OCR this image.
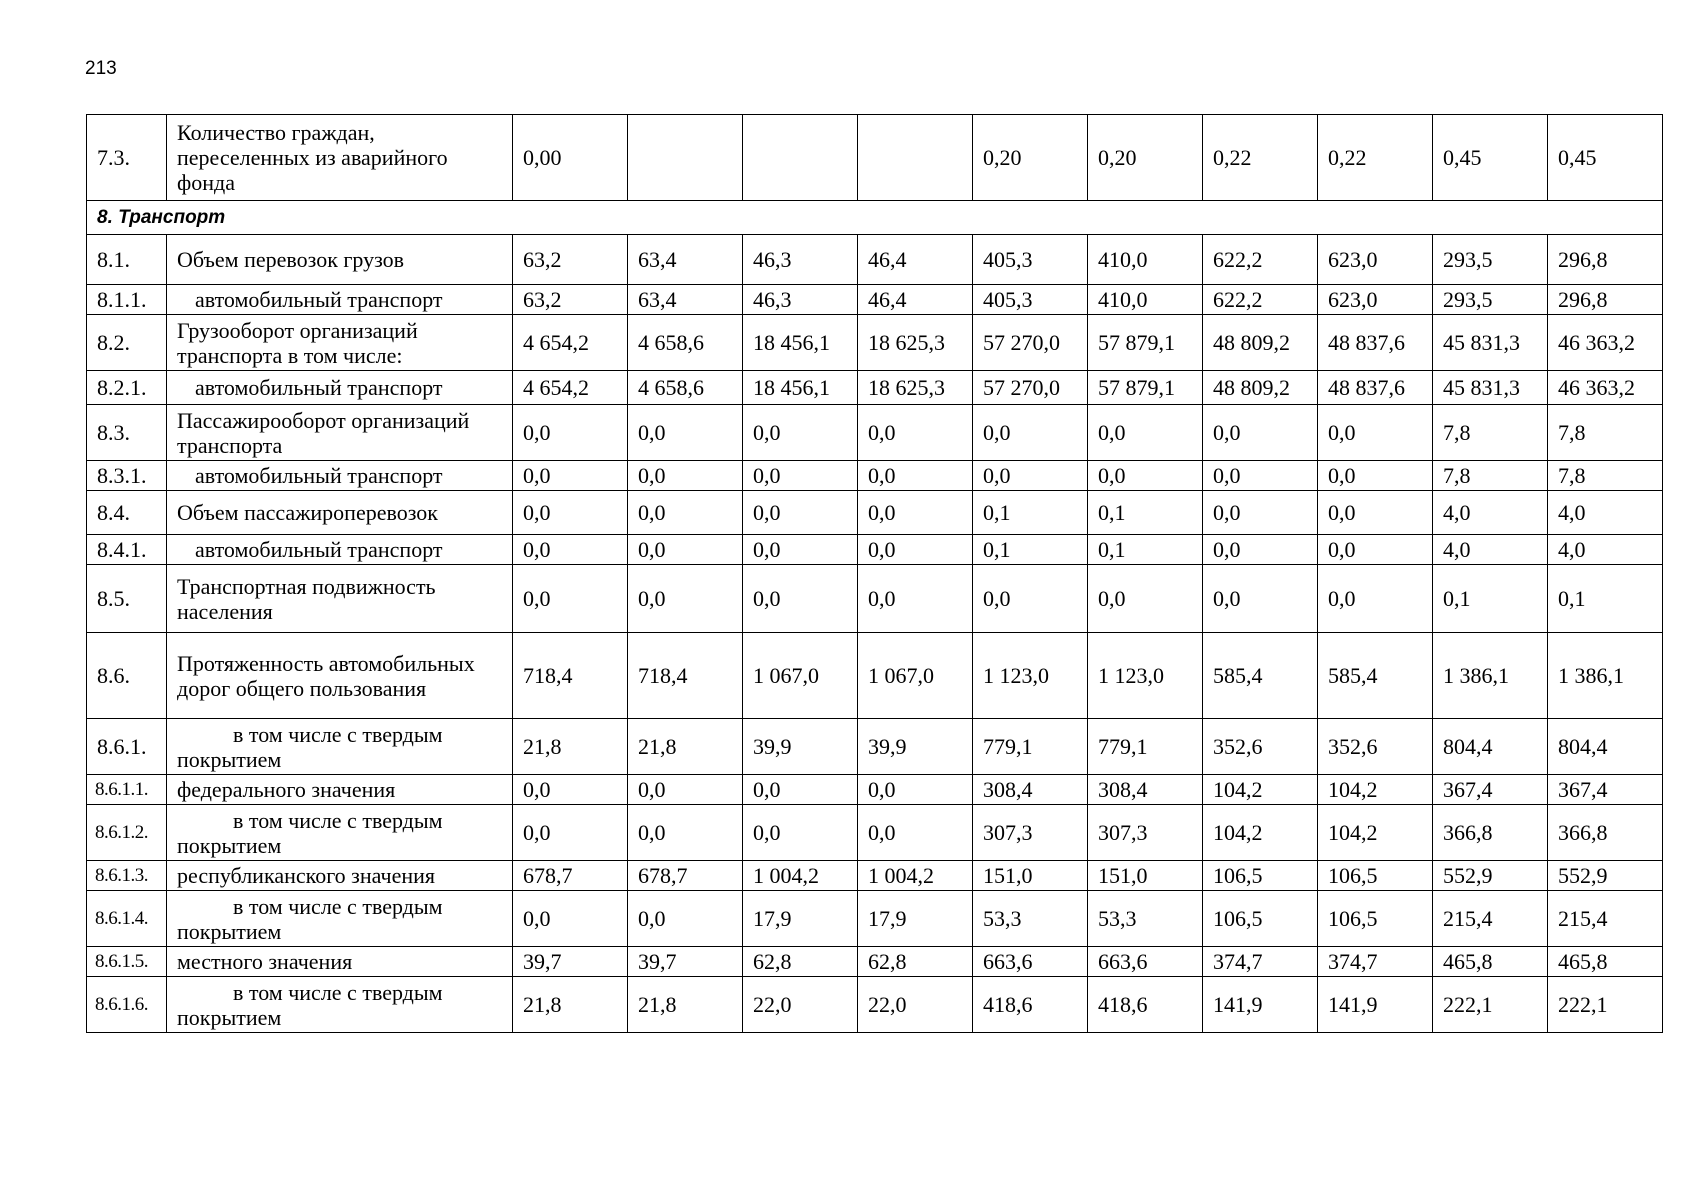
213
7.3.	Количество граждан, переселенных из аварийного фонда	0,00				0,20	0,20	0,22	0,22	0,45	0,45
8. Транспорт											
8.1.	Объем перевозок грузов	63,2	63,4	46,3	46,4	405,3	410,0	622,2	623,0	293,5	296,8
8.1.1.	автомобильный транспорт	63,2	63,4	46,3	46,4	405,3	410,0	622,2	623,0	293,5	296,8
8.2.	Грузооборот организаций транспорта в том числе:	4 654,2	4 658,6	18 456,1	18 625,3	57 270,0	57 879,1	48 809,2	48 837,6	45 831,3	46 363,2
8.2.1.	автомобильный транспорт	4 654,2	4 658,6	18 456,1	18 625,3	57 270,0	57 879,1	48 809,2	48 837,6	45 831,3	46 363,2
8.3.	Пассажирооборот организаций транспорта	0,0	0,0	0,0	0,0	0,0	0,0	0,0	0,0	7,8	7,8
8.3.1.	автомобильный транспорт	0,0	0,0	0,0	0,0	0,0	0,0	0,0	0,0	7,8	7,8
8.4.	Объем пассажироперевозок	0,0	0,0	0,0	0,0	0,1	0,1	0,0	0,0	4,0	4,0
8.4.1.	автомобильный транспорт	0,0	0,0	0,0	0,0	0,1	0,1	0,0	0,0	4,0	4,0
8.5.	Транспортная подвижность населения	0,0	0,0	0,0	0,0	0,0	0,0	0,0	0,0	0,1	0,1
8.6.	Протяженность автомобильных дорог общего пользования	718,4	718,4	1 067,0	1 067,0	1 123,0	1 123,0	585,4	585,4	1 386,1	1 386,1
8.6.1.	в том числе с твердым покрытием	21,8	21,8	39,9	39,9	779,1	779,1	352,6	352,6	804,4	804,4
8.6.1.1.	федерального значения	0,0	0,0	0,0	0,0	308,4	308,4	104,2	104,2	367,4	367,4
8.6.1.2.	в том числе с твердым покрытием	0,0	0,0	0,0	0,0	307,3	307,3	104,2	104,2	366,8	366,8
8.6.1.3.	республиканского значения	678,7	678,7	1 004,2	1 004,2	151,0	151,0	106,5	106,5	552,9	552,9
8.6.1.4.	в том числе с твердым покрытием	0,0	0,0	17,9	17,9	53,3	53,3	106,5	106,5	215,4	215,4
8.6.1.5.	местного значения	39,7	39,7	62,8	62,8	663,6	663,6	374,7	374,7	465,8	465,8
8.6.1.6.	в том числе с твердым покрытием	21,8	21,8	22,0	22,0	418,6	418,6	141,9	141,9	222,1	222,1
